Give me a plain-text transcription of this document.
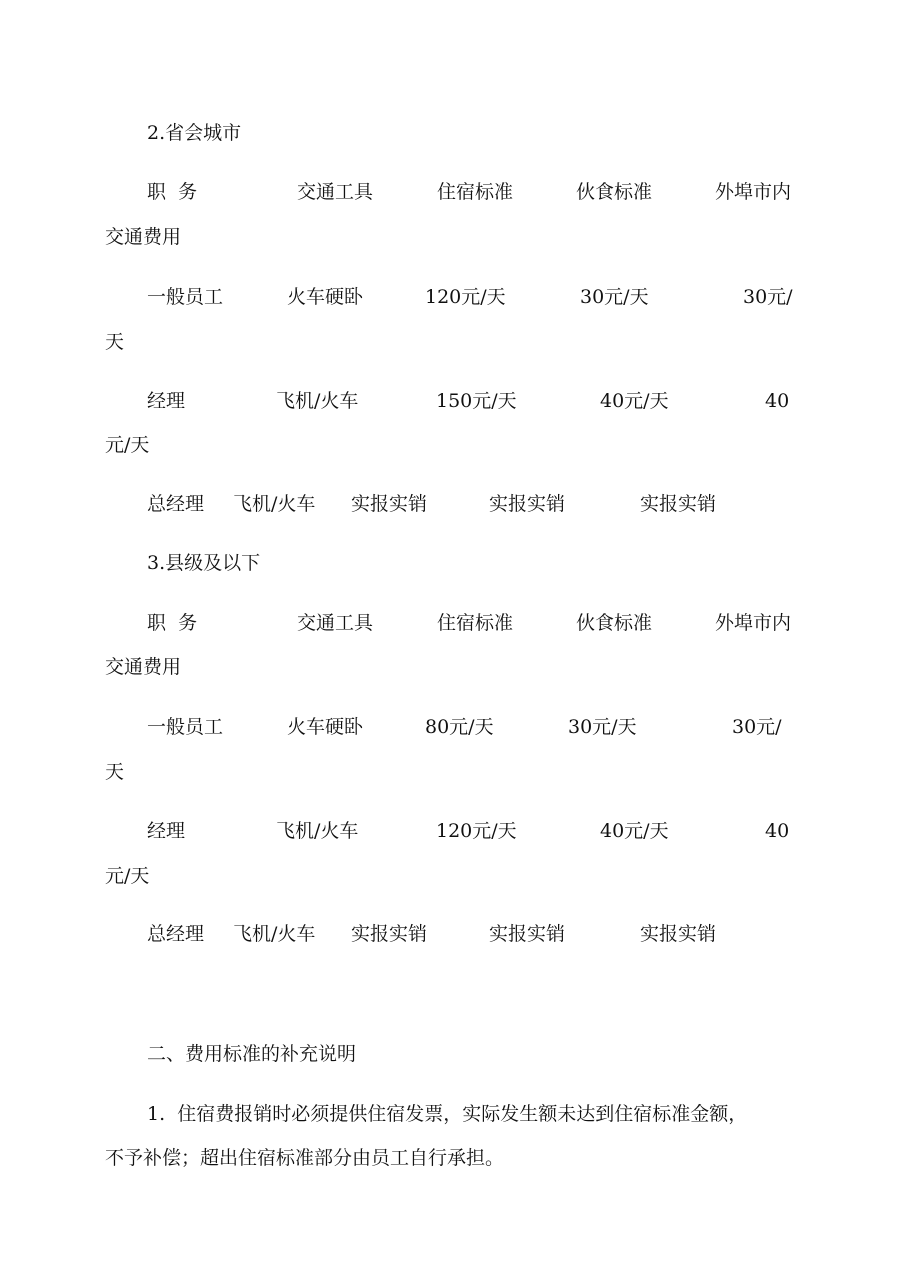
2.省会城市
职  务	交通工具	住宿标准	伙食标准	外埠市内
交通费用
一般员工	火车硬卧	120元/天	30元/天	30元/
天
经理	飞机/火车	150元/天	40元/天	40
元/天
总经理 飞机/火车 实报实销	实报实销	实报实销
3.县级及以下
职  务	交通工具	住宿标准	伙食标准	外埠市内
交通费用
一般员工	火车硬卧	80元/天	30元/天	30元/
天
经理	飞机/火车	120元/天	40元/天	40
元/天
总经理 飞机/火车 实报实销	实报实销	实报实销
二、费用标准的补充说明
1.  住宿费报销时必须提供住宿发票，实际发生额未达到住宿标准金额，
不予补偿；超出住宿标准部分由员工自行承担。
